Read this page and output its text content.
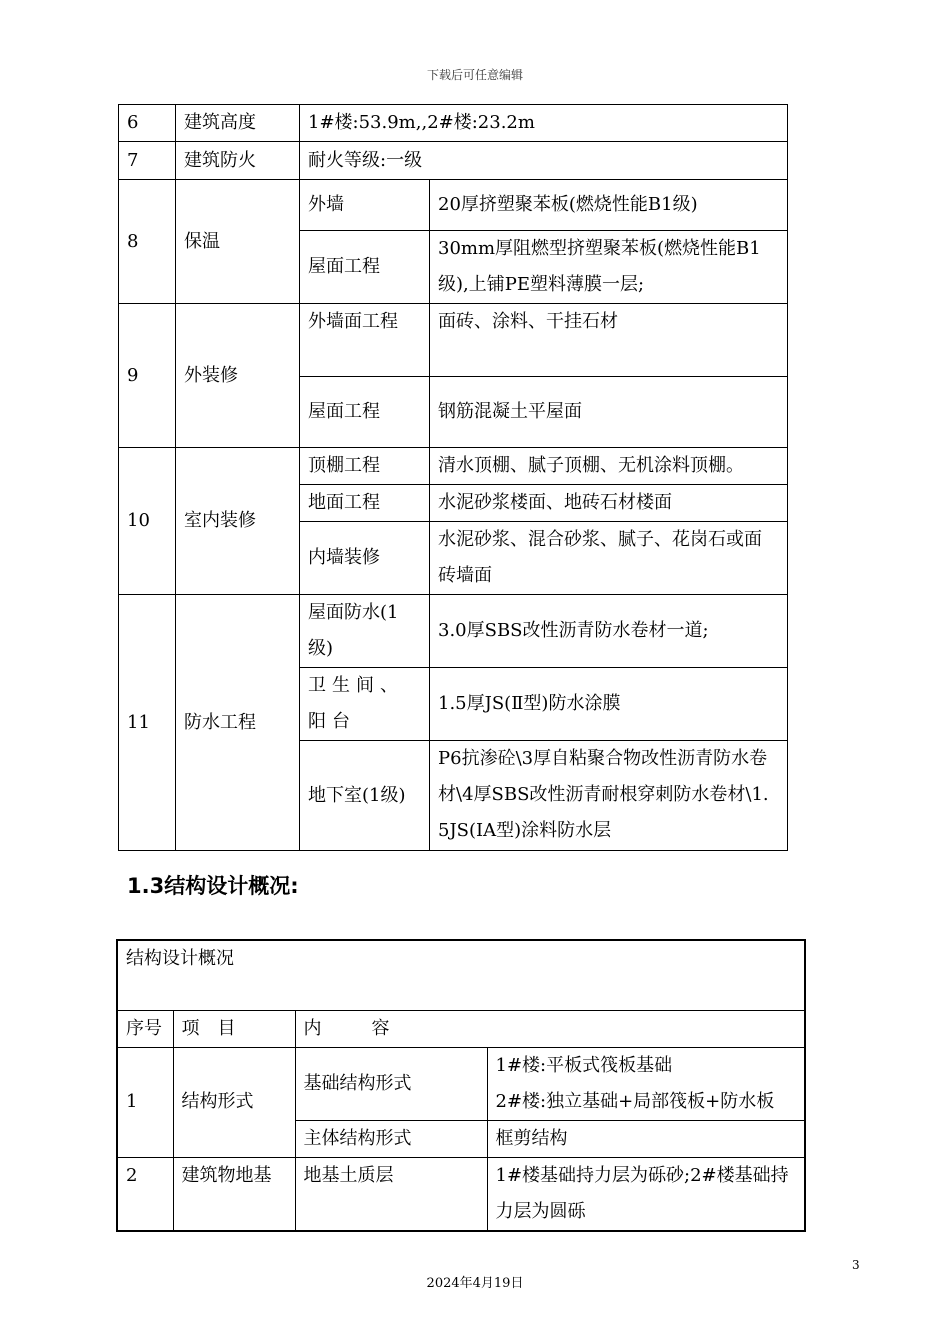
下载后可任意编辑
6	建筑高度	1#楼:53.9m,,2#楼:23.2m	
7	建筑防火	耐火等级:一级	
8	保温	外墙	20厚挤塑聚苯板(燃烧性能B1级)
		屋面工程	30mm厚阻燃型挤塑聚苯板(燃烧性能B1级),上铺PE塑料薄膜一层;
9	外装修	外墙面工程	面砖、涂料、干挂石材
		屋面工程	钢筋混凝土平屋面
10	室内装修	顶棚工程	清水顶棚、腻子顶棚、无机涂料顶棚。
		地面工程	水泥砂浆楼面、地砖石材楼面
		内墙装修	水泥砂浆、混合砂浆、腻子、花岗石或面砖墙面
11	防水工程	屋面防水(1级)	3.0厚SBS改性沥青防水卷材一道;
		卫生间、阳台	1.5厚JS(Ⅱ型)防水涂膜
		地下室(1级)	P6抗渗砼\3厚自粘聚合物改性沥青防水卷材\4厚SBS改性沥青耐根穿刺防水卷材\1.5JS(IA型)涂料防水层
1.3结构设计概况:
结构设计概况			
序号	项目	内容	
1	结构形式	基础结构形式	1#楼:平板式筏板基础
2#楼:独立基础+局部筏板+防水板

		主体结构形式	框剪结构
2	建筑物地基	地基土质层	1#楼基础持力层为砾砂;2#楼基础持力层为圆砾
3
2024年4月19日
